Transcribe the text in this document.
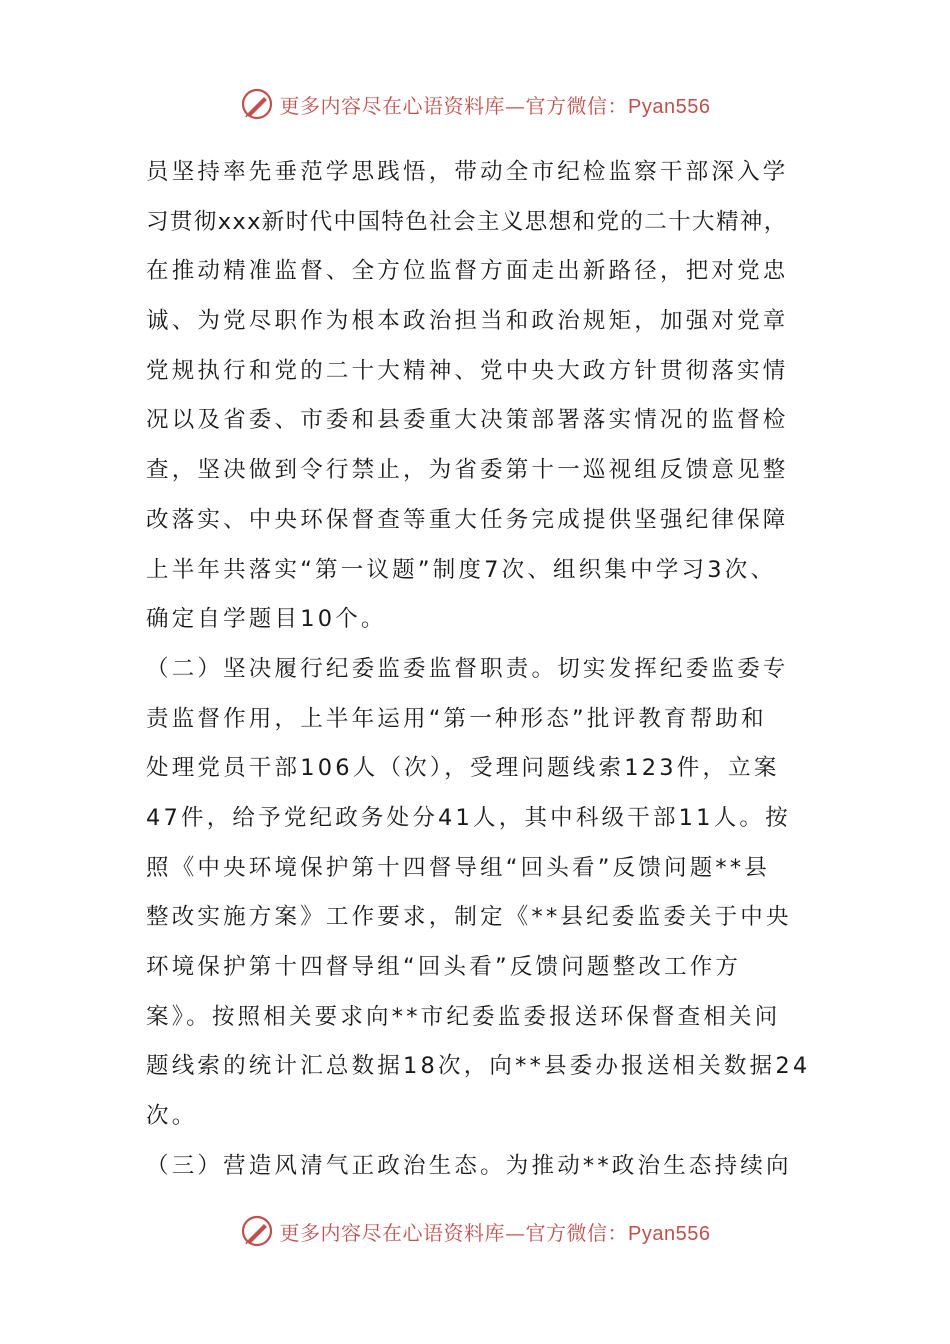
更多内容尽在心语资料库—官方微信：Pyan556
员坚持率先垂范学思践悟，带动全市纪检监察干部深入学
习贯彻xxx新时代中国特色社会主义思想和党的二十大精神，
在推动精准监督、全方位监督方面走出新路径，把对党忠
诚、为党尽职作为根本政治担当和政治规矩，加强对党章
党规执行和党的二十大精神、党中央大政方针贯彻落实情
况以及省委、市委和县委重大决策部署落实情况的监督检
查，坚决做到令行禁止，为省委第十一巡视组反馈意见整
改落实、中央环保督查等重大任务完成提供坚强纪律保障
上半年共落实“第一议题”制度7次、组织集中学习3次、
确定自学题目10个。
（二）坚决履行纪委监委监督职责。切实发挥纪委监委专
责监督作用，上半年运用“第一种形态”批评教育帮助和
处理党员干部106人（次），受理问题线索123件，立案
47件，给予党纪政务处分41人，其中科级干部11人。按
照《中央环境保护第十四督导组“回头看”反馈问题**县
整改实施方案》工作要求，制定《**县纪委监委关于中央
环境保护第十四督导组“回头看”反馈问题整改工作方
案》。按照相关要求向**市纪委监委报送环保督查相关问
题线索的统计汇总数据18次，向**县委办报送相关数据24
次。
（三）营造风清气正政治生态。为推动**政治生态持续向
更多内容尽在心语资料库—官方微信：Pyan556
